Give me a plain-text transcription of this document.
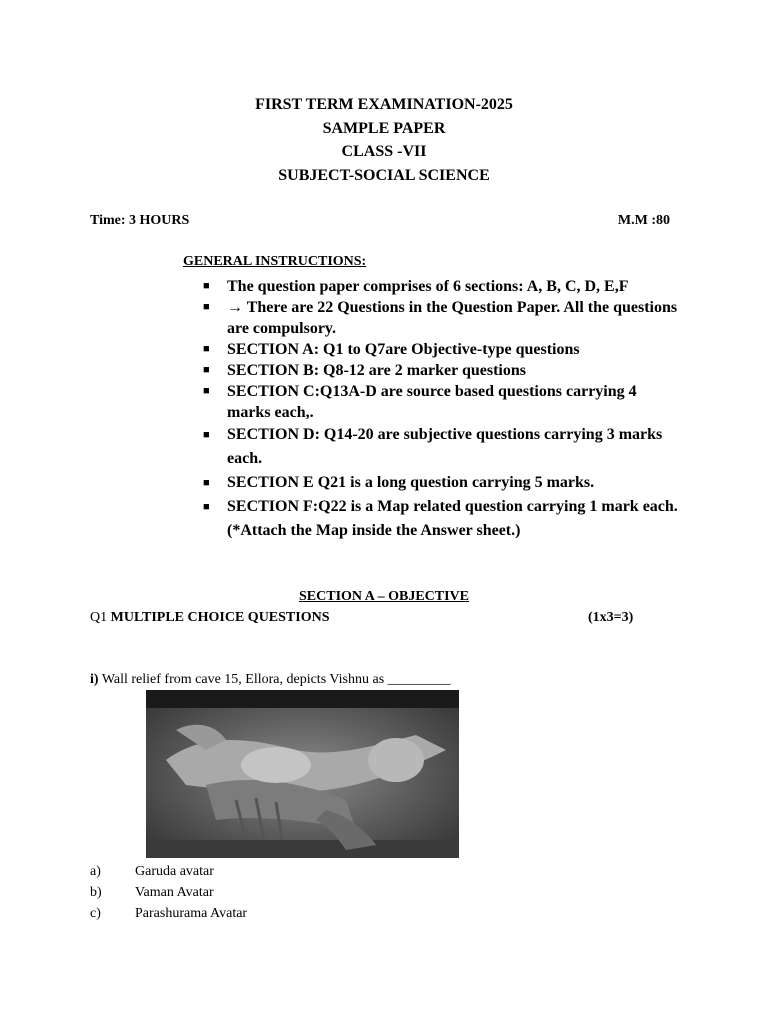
FIRST TERM EXAMINATION-2025
SAMPLE PAPER
CLASS -VII
SUBJECT-SOCIAL SCIENCE
Time: 3 HOURS	M.M :80
GENERAL INSTRUCTIONS:
■ The question paper comprises of 6 sections: A, B, C, D, E,F
■ → There are 22 Questions in the Question Paper. All the questions are compulsory.
■ SECTION A: Q1 to Q7are Objective-type questions
■ SECTION B: Q8-12 are 2 marker questions
■ SECTION C:Q13A-D are source based questions carrying 4 marks each,.
■ SECTION D: Q14-20 are subjective questions carrying 3 marks each.
■ SECTION E Q21 is a long question carrying 5 marks.
■ SECTION F:Q22 is a Map related question carrying 1 mark each. (*Attach the Map inside the Answer sheet.)
SECTION A – OBJECTIVE
Q1 MULTIPLE CHOICE QUESTIONS	(1x3=3)
i) Wall relief from cave 15, Ellora, depicts Vishnu as _________
a) Garuda avatar
b) Vaman Avatar
c) Parashurama Avatar
